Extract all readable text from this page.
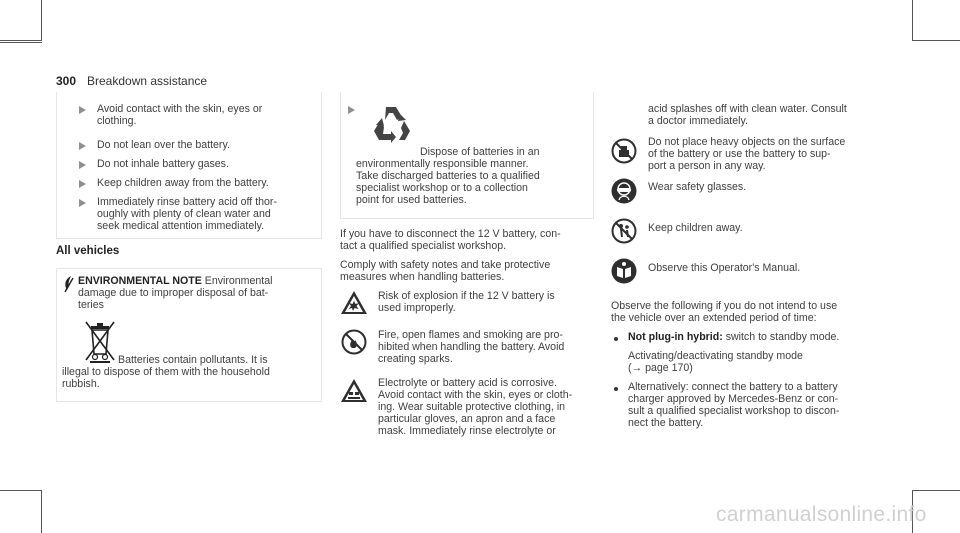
300 Breakdown assistance
Avoid contact with the skin, eyes or
clothing.
Do not lean over the battery.
Do not inhale battery gases.
Keep children away from the battery.
Immediately rinse battery acid off thor-
oughly with plenty of clean water and
seek medical attention immediately.
All vehicles
ENVIRONMENTAL NOTE Environmental
damage due to improper disposal of bat-
teries
Batteries contain pollutants. It is
illegal to dispose of them with the household
rubbish.
Dispose of batteries in an
environmentally responsible manner.
Take discharged batteries to a qualified
specialist workshop or to a collection
point for used batteries.
If you have to disconnect the 12 V battery, con-
tact a qualified specialist workshop.
Comply with safety notes and take protective
measures when handling batteries.
Risk of explosion if the 12 V battery is
used improperly.
Fire, open flames and smoking are pro-
hibited when handling the battery. Avoid
creating sparks.
Electrolyte or battery acid is corrosive.
Avoid contact with the skin, eyes or cloth-
ing. Wear suitable protective clothing, in
particular gloves, an apron and a face
mask. Immediately rinse electrolyte or
acid splashes off with clean water. Consult
a doctor immediately.
Do not place heavy objects on the surface
of the battery or use the battery to sup-
port a person in any way.
Wear safety glasses.
Keep children away.
Observe this Operator's Manual.
Observe the following if you do not intend to use
the vehicle over an extended period of time:
Not plug-in hybrid: switch to standby mode.
Activating/deactivating standby mode
(→ page 170)
Alternatively: connect the battery to a battery
charger approved by Mercedes-Benz or con-
sult a qualified specialist workshop to discon-
nect the battery.
carmanualsonline.info
